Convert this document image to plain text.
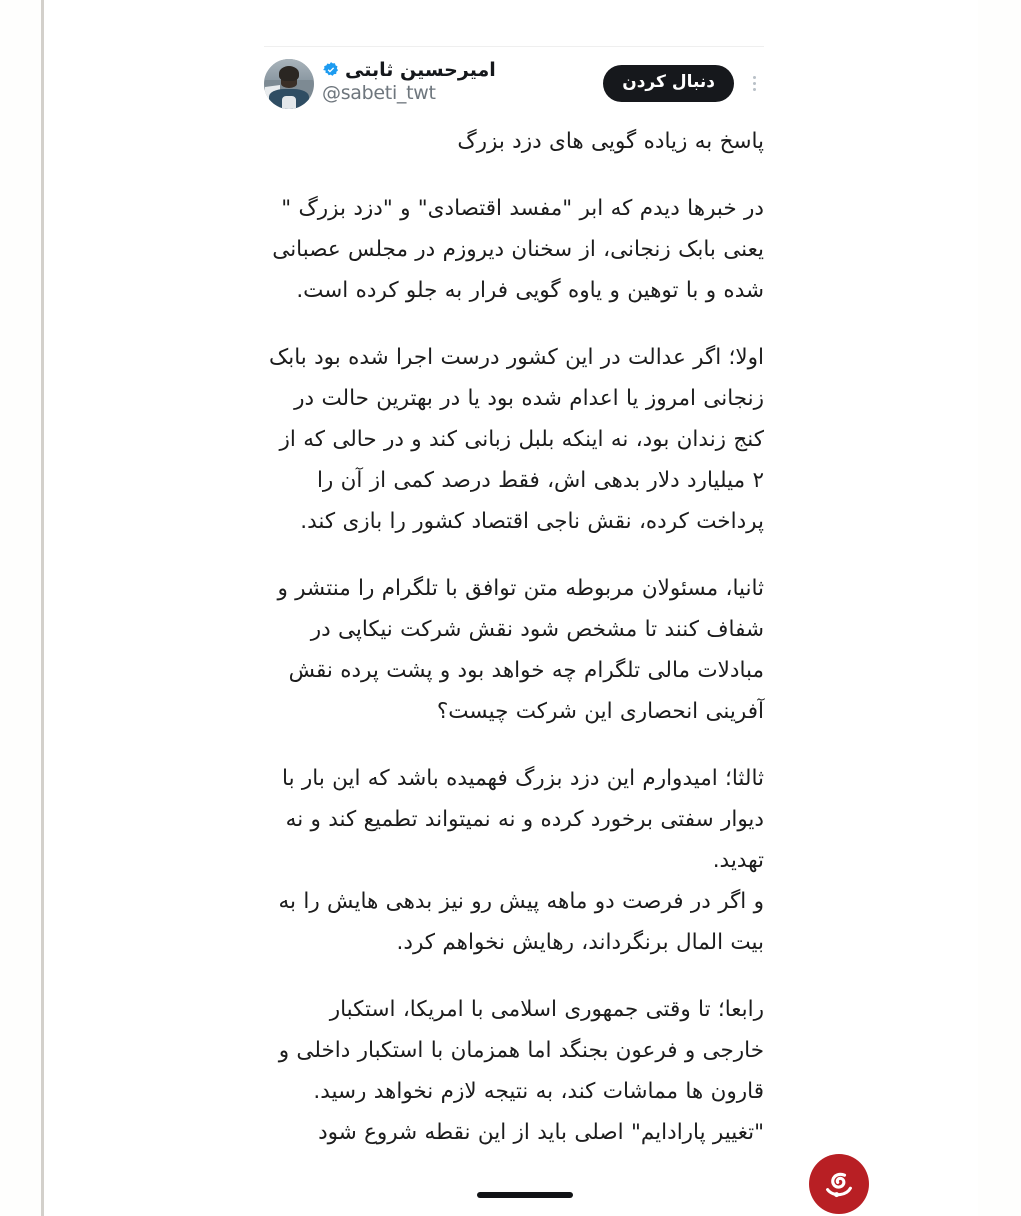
دنبال کردن
امیرحسین ثابتی
@sabeti_twt

پاسخ به زیاده گویی های دزد بزرگ

در خبرها دیدم که ابر "مفسد اقتصادی" و "دزد بزرگ " یعنی بابک زنجانی، از سخنان دیروزم در مجلس عصبانی شده و با توهین و یاوه گویی فرار به جلو کرده است.

اولا؛ اگر عدالت در این کشور درست اجرا شده بود بابک زنجانی امروز یا اعدام شده بود یا در بهترین حالت در کنج زندان بود، نه اینکه بلبل زبانی کند و در حالی که از ۲ میلیارد دلار بدهی اش، فقط درصد کمی از آن را پرداخت کرده، نقش ناجی اقتصاد کشور را بازی کند.

ثانیا، مسئولان مربوطه متن توافق با تلگرام را منتشر و شفاف کنند تا مشخص شود نقش شرکت نیکاپی در مبادلات مالی تلگرام چه خواهد بود و پشت پرده نقش آفرینی انحصاری این شرکت چیست؟

ثالثا؛ امیدوارم این دزد بزرگ فهمیده باشد که این بار با دیوار سفتی برخورد کرده و نه نمیتواند تطمیع کند و نه تهدید.

و اگر در فرصت دو ماهه پیش رو نیز بدهی هایش را به بیت المال برنگرداند، رهایش نخواهم کرد.

رابعا؛ تا وقتی جمهوری اسلامی با امریکا، استکبار خارجی و فرعون بجنگد اما همزمان با استکبار داخلی و قارون ها مماشات کند، به نتیجه لازم نخواهد رسید. "تغییر پارادایم" اصلی باید از این نقطه شروع شود
